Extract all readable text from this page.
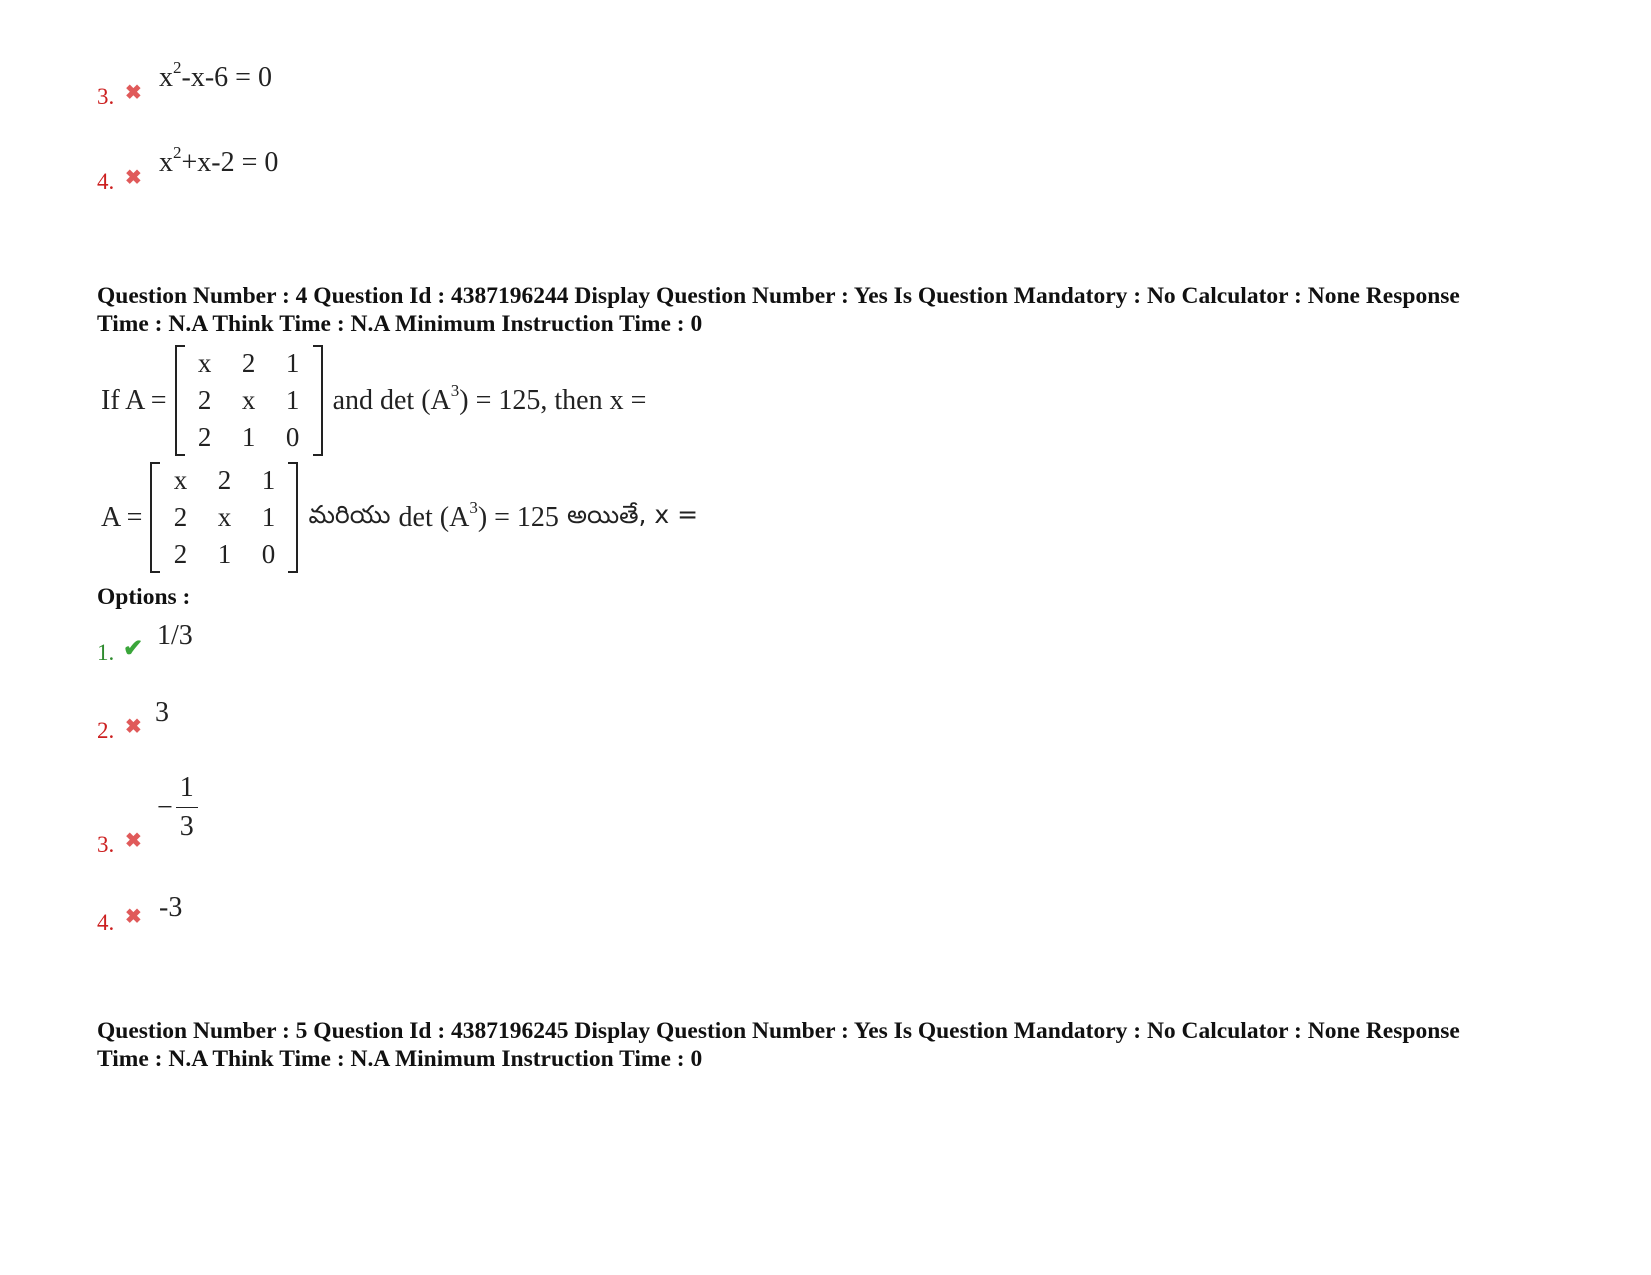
3. ✖ $x^2-x-6 = 0$
4. ✖ $x^2+x-2 = 0$
Question Number : 4 Question Id : 4387196244 Display Question Number : Yes Is Question Mandatory : No Calculator : None Response
Time : N.A Think Time : N.A Minimum Instruction Time : 0
If A =
x	2	1
2	x	1
2	1	0
and $\det (A^3) = 125$, then x =
A =
x	2	1
2	x	1
2	1	0
మరియు $\det (A^3) = 125$ అయితే, x =
Options :
1. ✔ 1/3
2. ✖ 3
3. ✖
−
1
3
4. ✖ -3
Question Number : 5 Question Id : 4387196245 Display Question Number : Yes Is Question Mandatory : No Calculator : None Response
Time : N.A Think Time : N.A Minimum Instruction Time : 0
